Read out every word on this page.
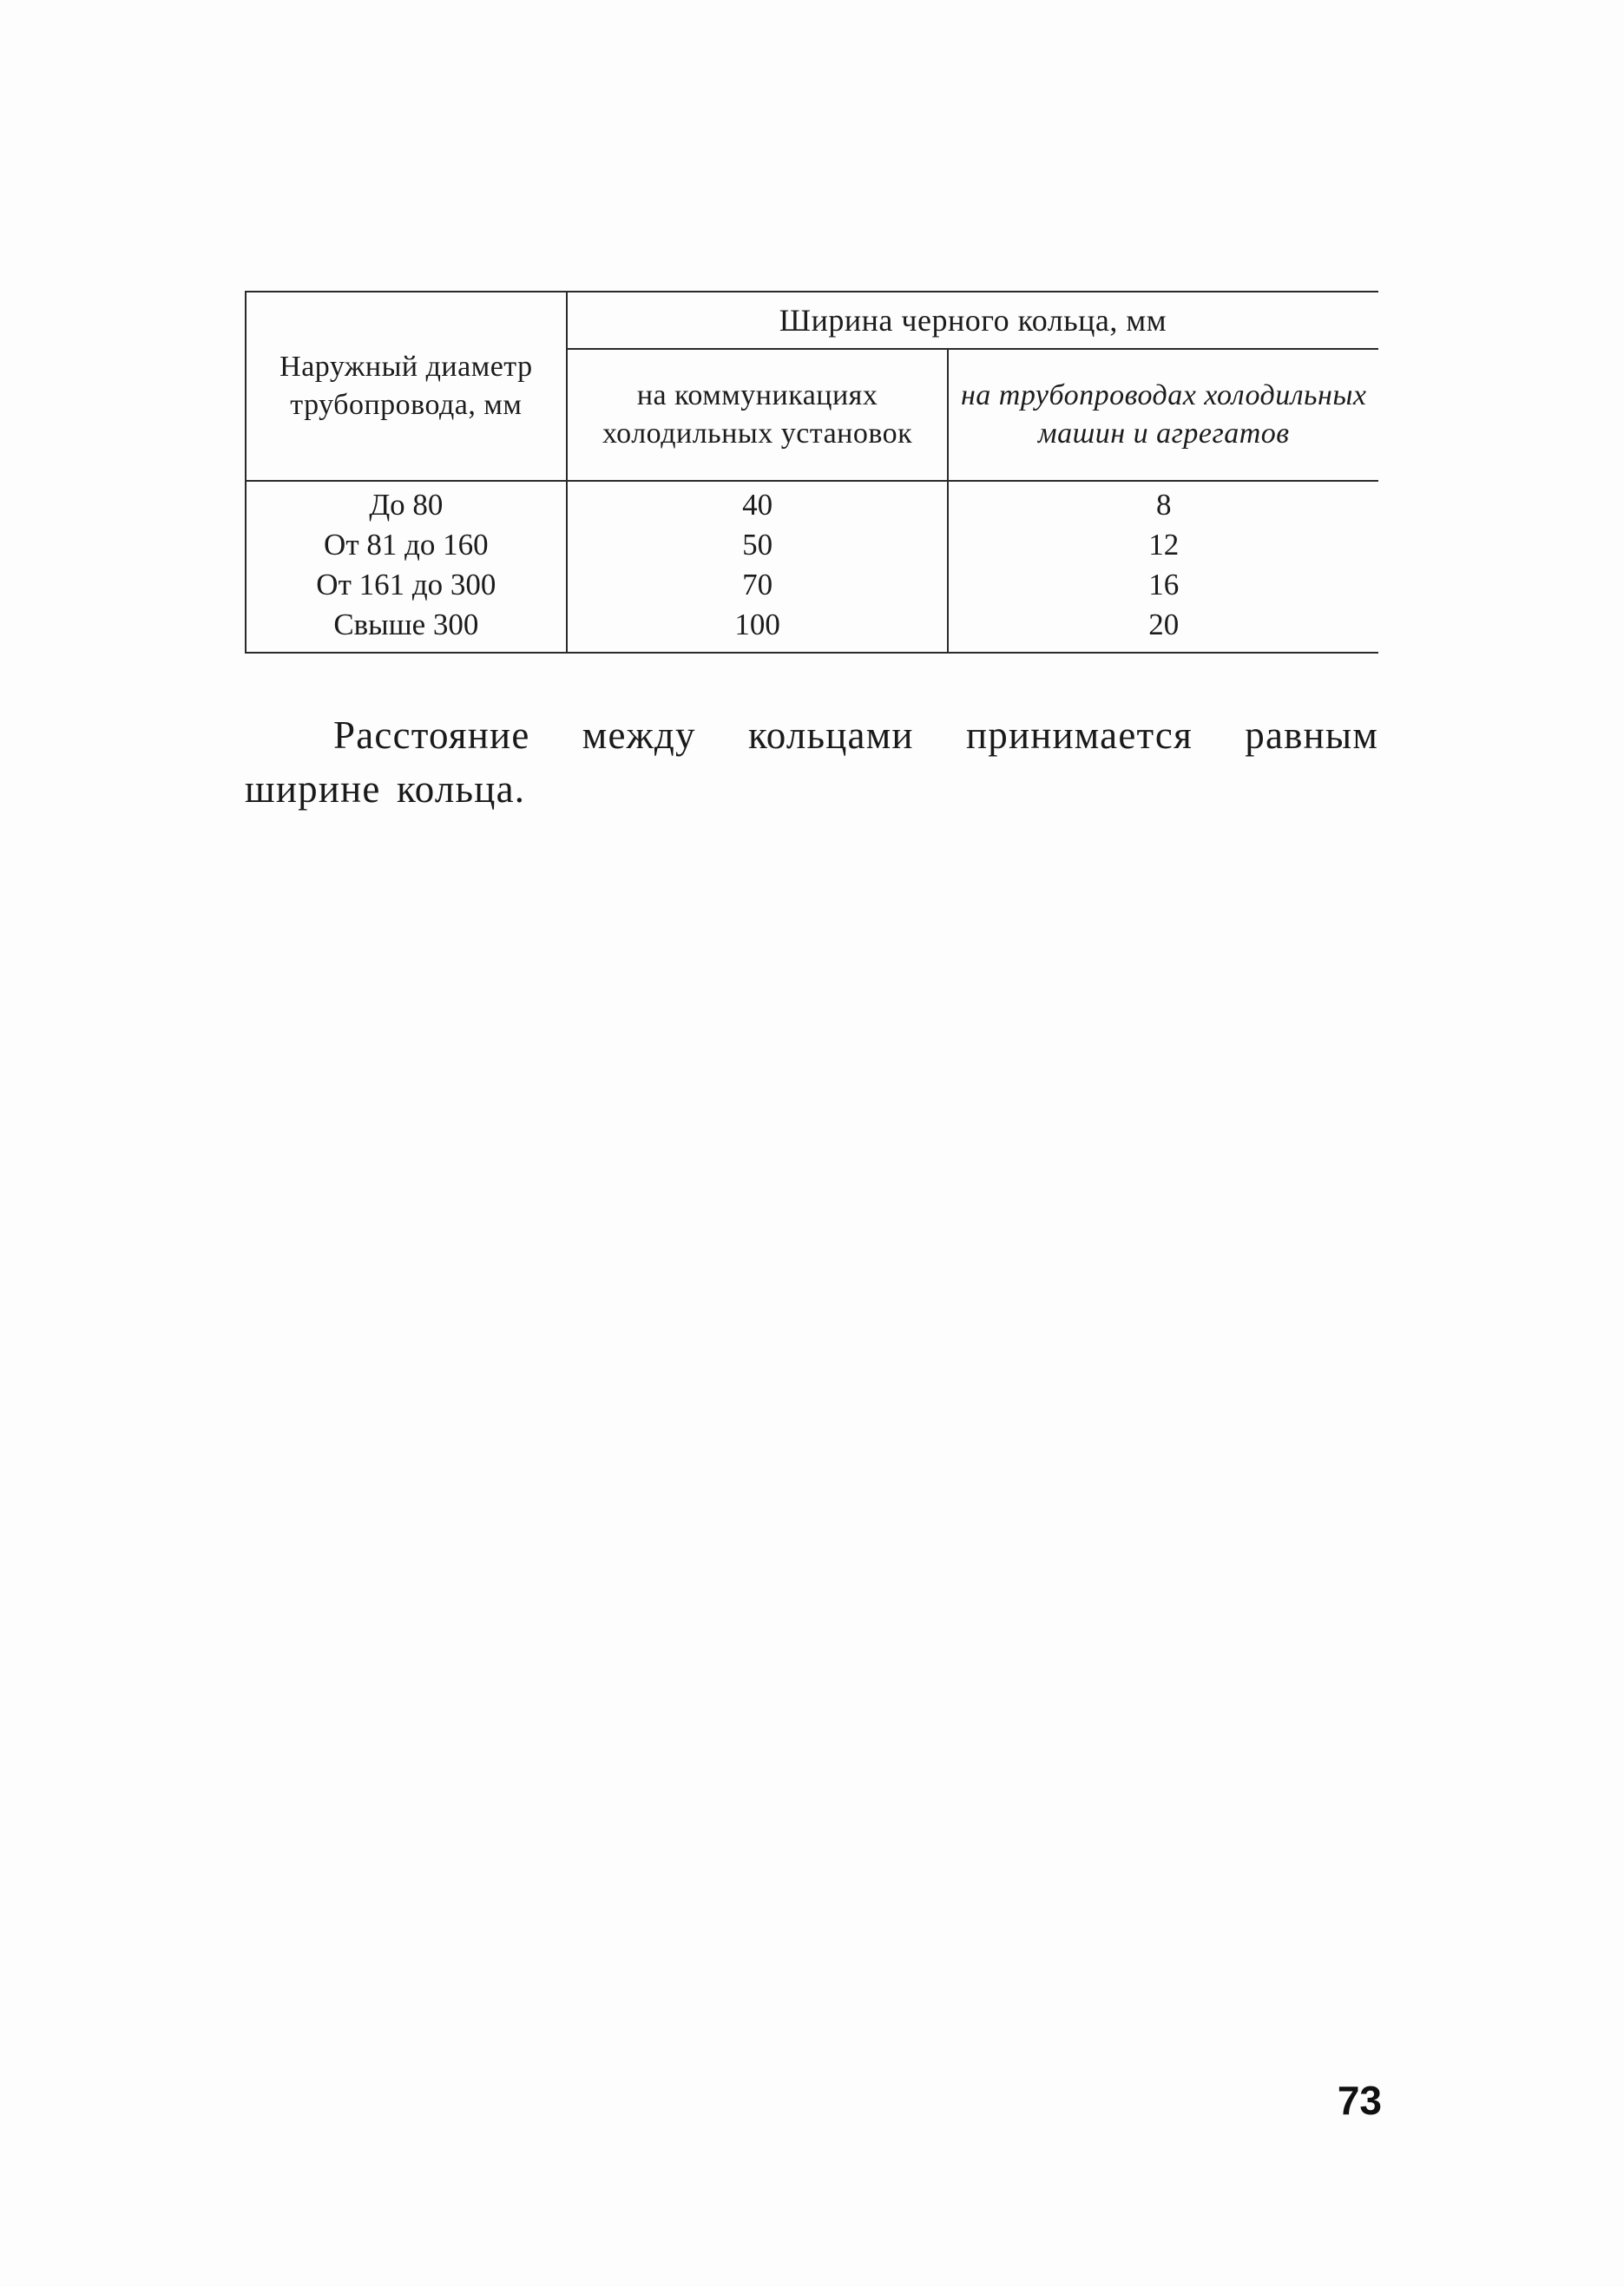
Наружный диаметр трубопровода, мм	Ширина черного кольца, мм	
	на коммуникациях холодильных установок	на трубопроводах холодильных машин и агрегатов
До 80	40	8
От 81 до 160	50	12
От 161 до 300	70	16
Свыше 300	100	20

Расстояние между кольцами принимается равным ширине кольца.

73
